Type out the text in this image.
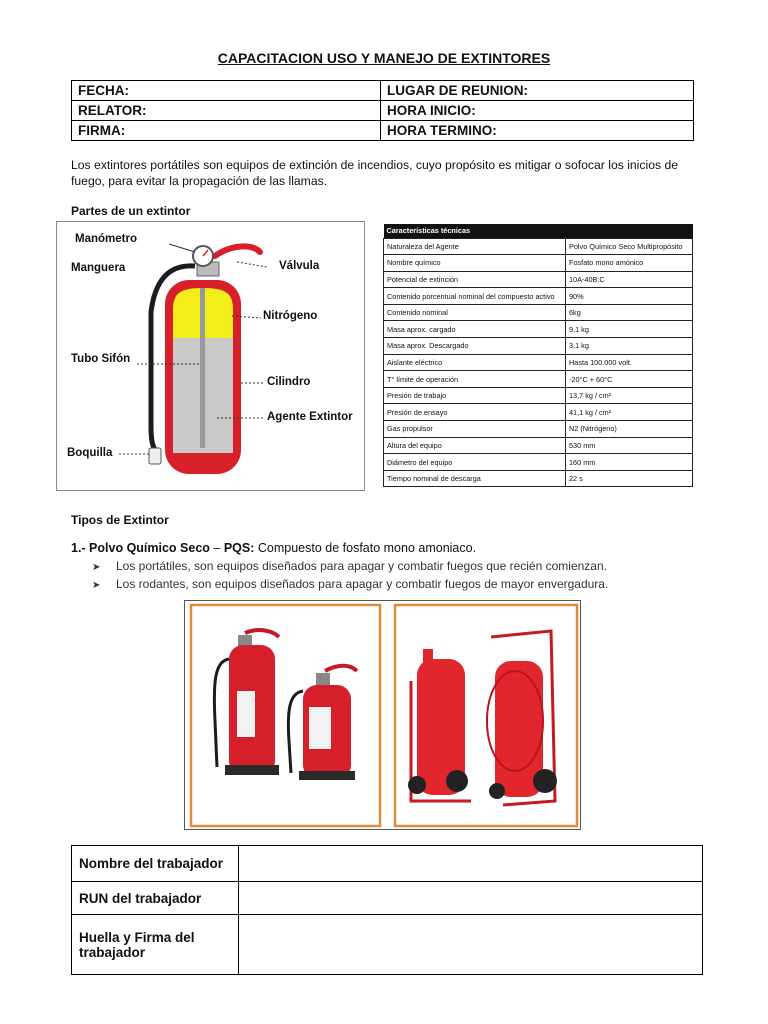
CAPACITACION USO Y MANEJO DE EXTINTORES
FECHA:	LUGAR DE REUNION:
RELATOR:	HORA INICIO:
FIRMA:	HORA TERMINO:

Los extintores portátiles son equipos de extinción de incendios, cuyo propósito es mitigar o sofocar los inicios de fuego, para evitar la propagación de las llamas.

Partes de un extintor
Manómetro
Manguera	Válvula
Nitrógeno
Tubo Sifón
Cilindro
Agente Extintor
Boquilla
Características técnicas	
Naturaleza del Agente	Polvo Químico Seco Multipropósito
Nombre químico	Fosfato mono amónico
Potencial de extinción	10A-40B:C
Contenido porcentual nominal del compuesto activo	90%
Contenido nominal	6kg
Masa aprox. cargado	9,1 kg
Masa aprox. Descargado	3,1 kg
Aislante eléctrico	Hasta 100.000 volt.
T° límite de operación	-20°C + 60°C
Presión de trabajo	13,7 kg / cm²
Presión de ensayo	41,1 kg / cm²
Gas propulsor	N2 (Nitrógeno)
Altura del equipo	530 mm
Diámetro del equipo	160 mm
Tiempo nominal de descarga	22 s
Tipos de Extintor
1.- Polvo Químico Seco – PQS: Compuesto de fosfato mono amoniaco.
➤ Los portátiles, son equipos diseñados para apagar y combatir fuegos que recién comienzan.
➤ Los rodantes, son equipos diseñados para apagar y combatir fuegos de mayor envergadura.
Nombre del trabajador	
RUN del trabajador	

Huella y Firma del
trabajador	
